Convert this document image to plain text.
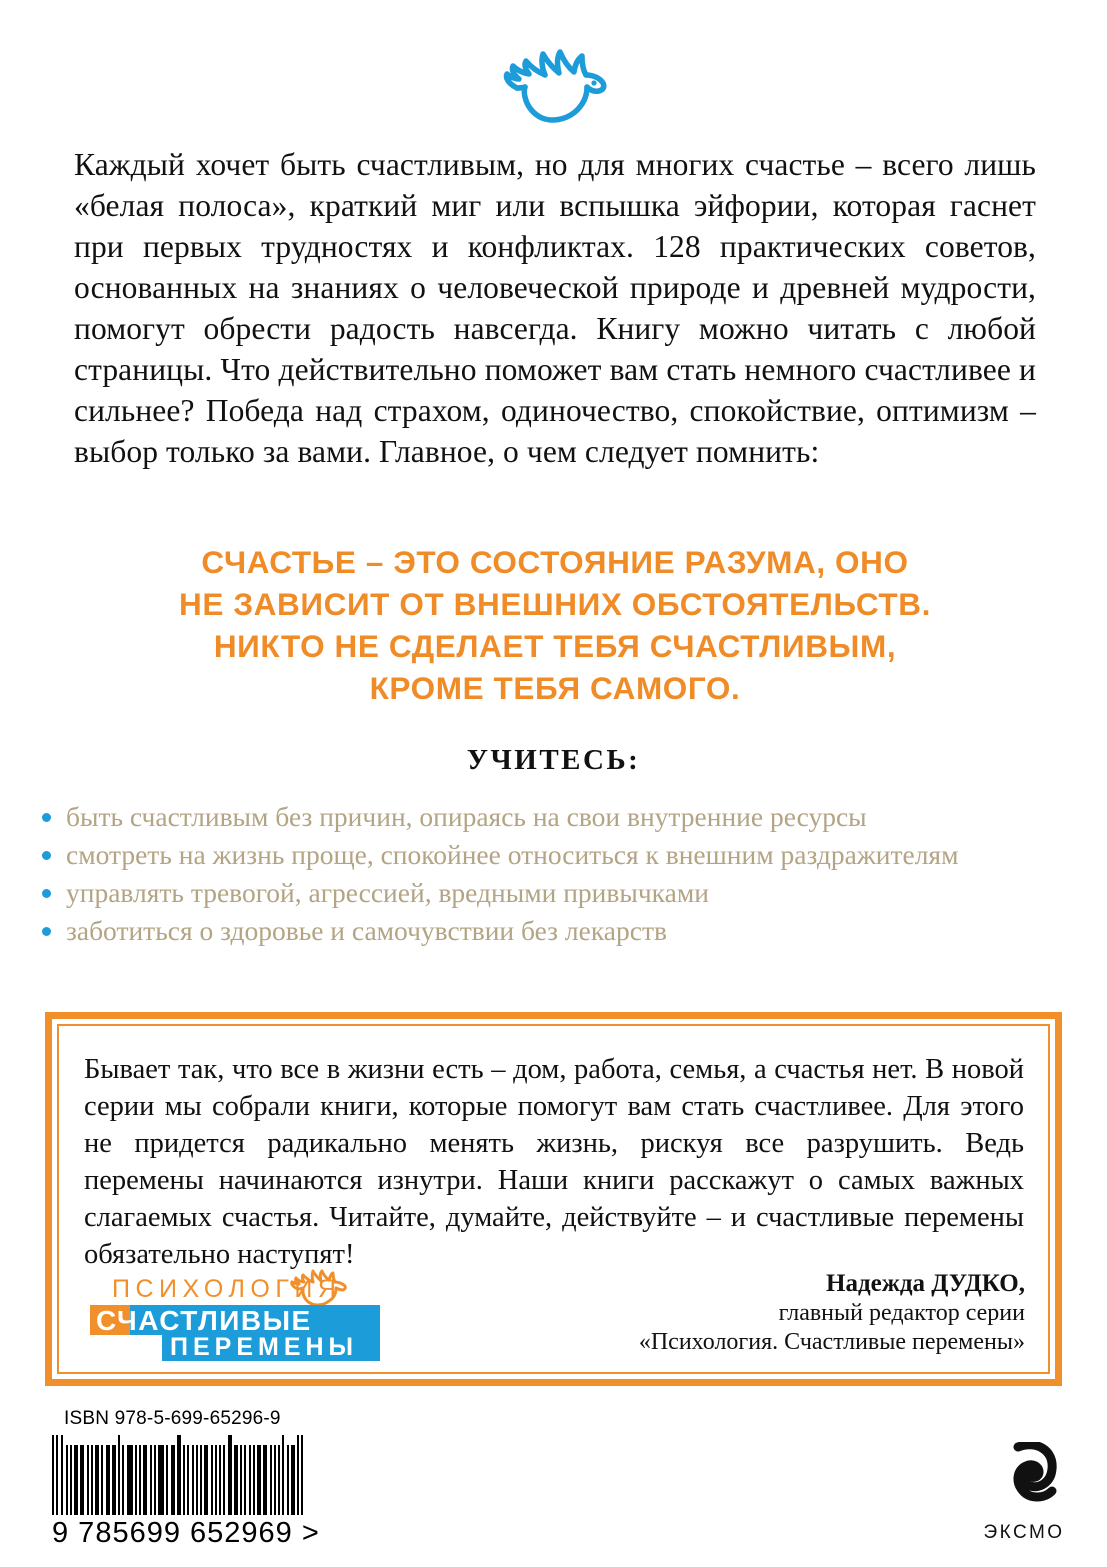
Каждый хочет быть счастливым, но для многих счастье – всего лишь «белая полоса», краткий миг или вспышка эйфории, которая гаснет при первых трудностях и конфликтах. 128 практических советов, основанных на знаниях о человеческой природе и древней мудрости, помогут обрести радость навсегда. Книгу можно читать с любой страницы. Что действительно поможет вам стать немного счастливее и сильнее? Победа над страхом, одиночество, спокойствие, оптимизм – выбор только за вами. Главное, о чем следует помнить:
СЧАСТЬЕ – ЭТО СОСТОЯНИЕ РАЗУМА, ОНО
НЕ ЗАВИСИТ ОТ ВНЕШНИХ ОБСТОЯТЕЛЬСТВ.
НИКТО НЕ СДЕЛАЕТ ТЕБЯ СЧАСТЛИВЫМ,
КРОМЕ ТЕБЯ САМОГО.
УЧИТЕСЬ:
быть счастливым без причин, опираясь на свои внутренние ресурсы
смотреть на жизнь проще, спокойнее относиться к внешним раздражителям
управлять тревогой, агрессией, вредными привычками
заботиться о здоровье и самочувствии без лекарств
Бывает так, что все в жизни есть – дом, работа, семья, а счастья нет. В новой серии мы собрали книги, которые помогут вам стать счастливее. Для этого не придется радикально менять жизнь, рискуя все разрушить. Ведь перемены начинаются изнутри. Наши книги расскажут о самых важных слагаемых счастья. Читайте, думайте, действуйте – и счастливые перемены обязательно наступят!
Надежда ДУДКО,
главный редактор серии
«Психология. Счастливые перемены»
ПСИХОЛОГИЯ
СЧАСТЛИВЫЕ
ПЕРЕМЕНЫ
ISBN 978-5-699-65296-9
9 785699 652969 >	ЭКСМО
